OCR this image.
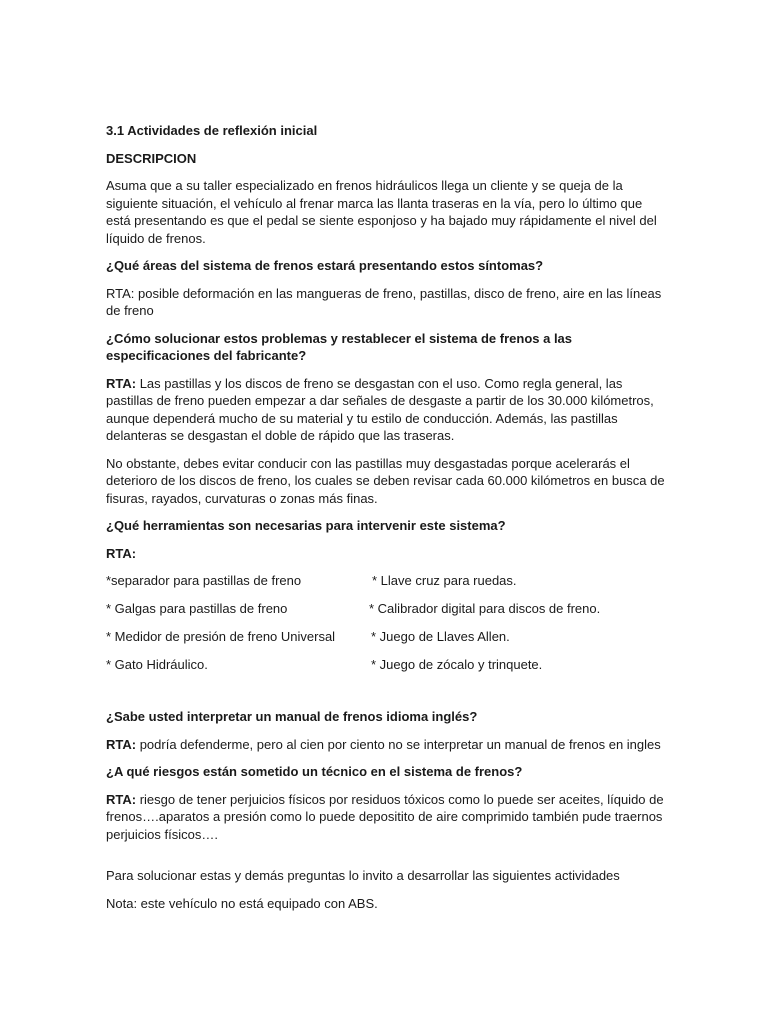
3.1 Actividades de reflexión inicial

DESCRIPCION

Asuma que a su taller especializado en frenos hidráulicos llega un cliente y se queja de la siguiente situación, el vehículo al frenar marca las llanta traseras en la vía, pero lo último que está presentando es que el pedal se siente esponjoso y ha bajado muy rápidamente el nivel del líquido de frenos.

¿Qué áreas del sistema de frenos estará presentando estos síntomas?

RTA: posible deformación en las mangueras de freno, pastillas, disco de freno, aire en las líneas de freno

¿Cómo solucionar estos problemas y restablecer el sistema de frenos a las especificaciones del fabricante?

RTA: Las pastillas y los discos de freno se desgastan con el uso. Como regla general, las pastillas de freno pueden empezar a dar señales de desgaste a partir de los 30.000 kilómetros, aunque dependerá mucho de su material y tu estilo de conducción. Además, las pastillas delanteras se desgastan el doble de rápido que las traseras.

No obstante, debes evitar conducir con las pastillas muy desgastadas porque acelerarás el deterioro de los discos de freno, los cuales se deben revisar cada 60.000 kilómetros en busca de fisuras, rayados, curvaturas o zonas más finas.

¿Qué herramientas son necesarias para intervenir este sistema?

RTA:

*separador para pastillas de freno
* Galgas para pastillas de freno
* Medidor de presión de freno Universal
* Gato Hidráulico.
* Llave cruz para ruedas.
* Calibrador digital para discos de freno.
* Juego de Llaves Allen.
* Juego de zócalo y trinquete.

¿Sabe usted interpretar un manual de frenos idioma inglés?

RTA: podría defenderme, pero al cien por ciento no se interpretar un manual de frenos en ingles

¿A qué riesgos están sometido un técnico en el sistema de frenos?

RTA: riesgo de tener perjuicios físicos por residuos tóxicos como lo puede ser aceites, líquido de frenos….aparatos a presión como lo puede depositito de aire comprimido también pude traernos perjuicios físicos….

Para solucionar estas y demás preguntas lo invito a desarrollar las siguientes actividades

Nota: este vehículo no está equipado con ABS.
